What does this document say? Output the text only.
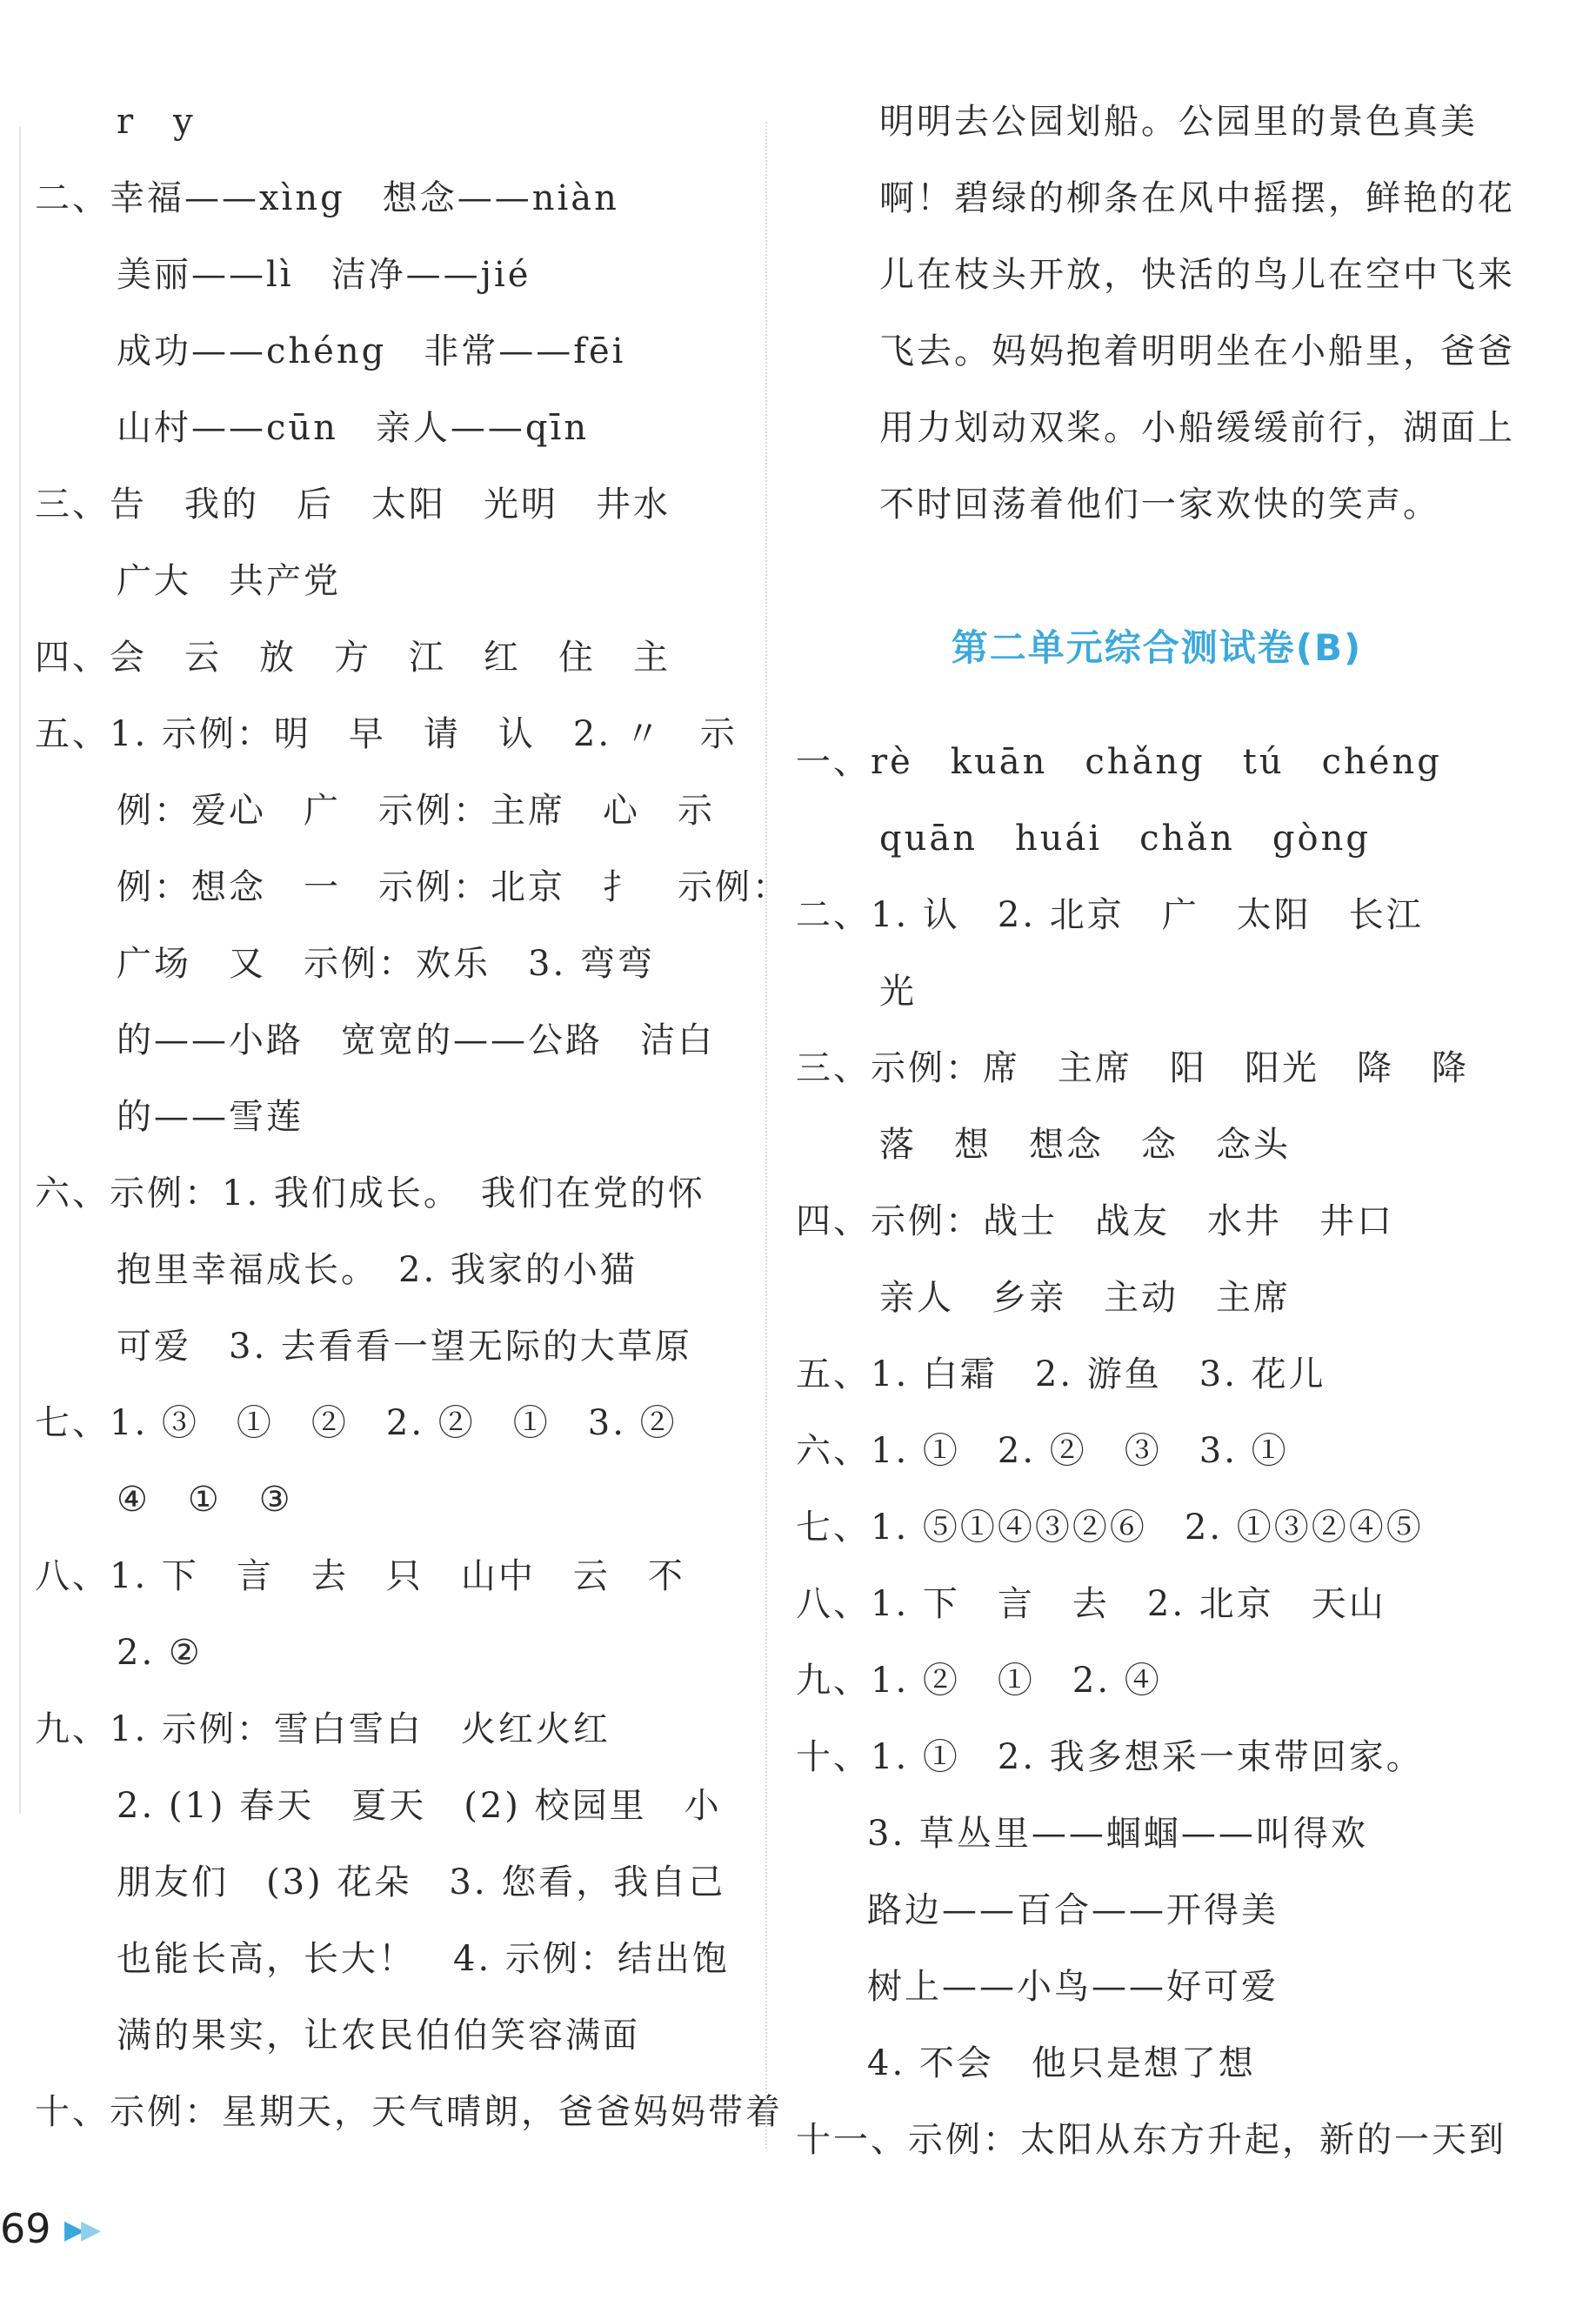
r　y
二、幸福——xìng　想念——niàn
美丽——lì　洁净——jié
成功——chéng　非常——fēi
山村——cūn　亲人——qīn
三、告　我的　后　太阳　光明　井水
广大　共产党
四、会　云　放　方　江　红　住　主
五、1. 示例：明　早　请　认　2. 〃　示
例：爱心　广　示例：主席　心　示
例：想念　一　示例：北京　扌　示例：
广场　又　示例：欢乐　3. 弯弯
的——小路　宽宽的——公路　洁白
的——雪莲
六、示例：1. 我们成长。　我们在党的怀
抱里幸福成长。　2. 我家的小猫
可爱　3. 去看看一望无际的大草原
七、1. ③　①　②　2. ②　①　3. ②
④　①　③
八、1. 下　言　去　只　山中　云　不
2. ②
九、1. 示例：雪白雪白　火红火红
2. (1) 春天　夏天　(2) 校园里　小
朋友们　(3) 花朵　3. 您看，我自己
也能长高，长大！　4. 示例：结出饱
满的果实，让农民伯伯笑容满面
十、示例：星期天，天气晴朗，爸爸妈妈带着
明明去公园划船。公园里的景色真美
啊！碧绿的柳条在风中摇摆，鲜艳的花
儿在枝头开放，快活的鸟儿在空中飞来
飞去。妈妈抱着明明坐在小船里，爸爸
用力划动双桨。小船缓缓前行，湖面上
不时回荡着他们一家欢快的笑声。
第二单元综合测试卷(B)
一、rè　kuān　chǎng　tú　chéng
quān　huái　chǎn　gòng
二、1. 认　2. 北京　广　太阳　长江
光
三、示例：席　主席　阳　阳光　降　降
落　想　想念　念　念头
四、示例：战士　战友　水井　井口
亲人　乡亲　主动　主席
五、1. 白霜　2. 游鱼　3. 花儿
六、1. ①　2. ②　③　3. ①
七、1. ⑤①④③②⑥　2. ①③②④⑤
八、1. 下　言　去　2. 北京　天山
九、1. ②　①　2. ④
十、1. ①　2. 我多想采一束带回家。
3. 草丛里——蝈蝈——叫得欢
路边——百合——开得美
树上——小鸟——好可爱
4. 不会　他只是想了想
十一、示例：太阳从东方升起，新的一天到
69 ▶▶
